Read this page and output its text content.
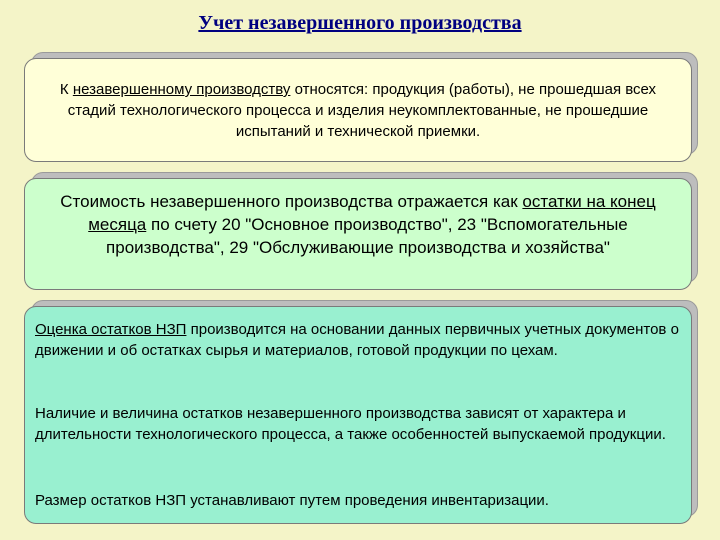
Учет незавершенного производства

К незавершенному производству относятся: продукция (работы), не прошедшая всех стадий технологического процесса и изделия неукомплектованные, не прошедшие испытаний и технической приемки.

Стоимость незавершенного производства отражается как остатки на конец месяца по счету 20 "Основное производство", 23 "Вспомогательные производства", 29 "Обслуживающие производства и хозяйства"

Оценка остатков НЗП производится на основании данных первичных учетных документов о движении и об остатках сырья и материалов, готовой продукции по цехам.

Наличие и величина остатков незавершенного производства зависят от характера и длительности технологического процесса, а также особенностей выпускаемой продукции.

Размер остатков НЗП устанавливают путем проведения инвентаризации.
